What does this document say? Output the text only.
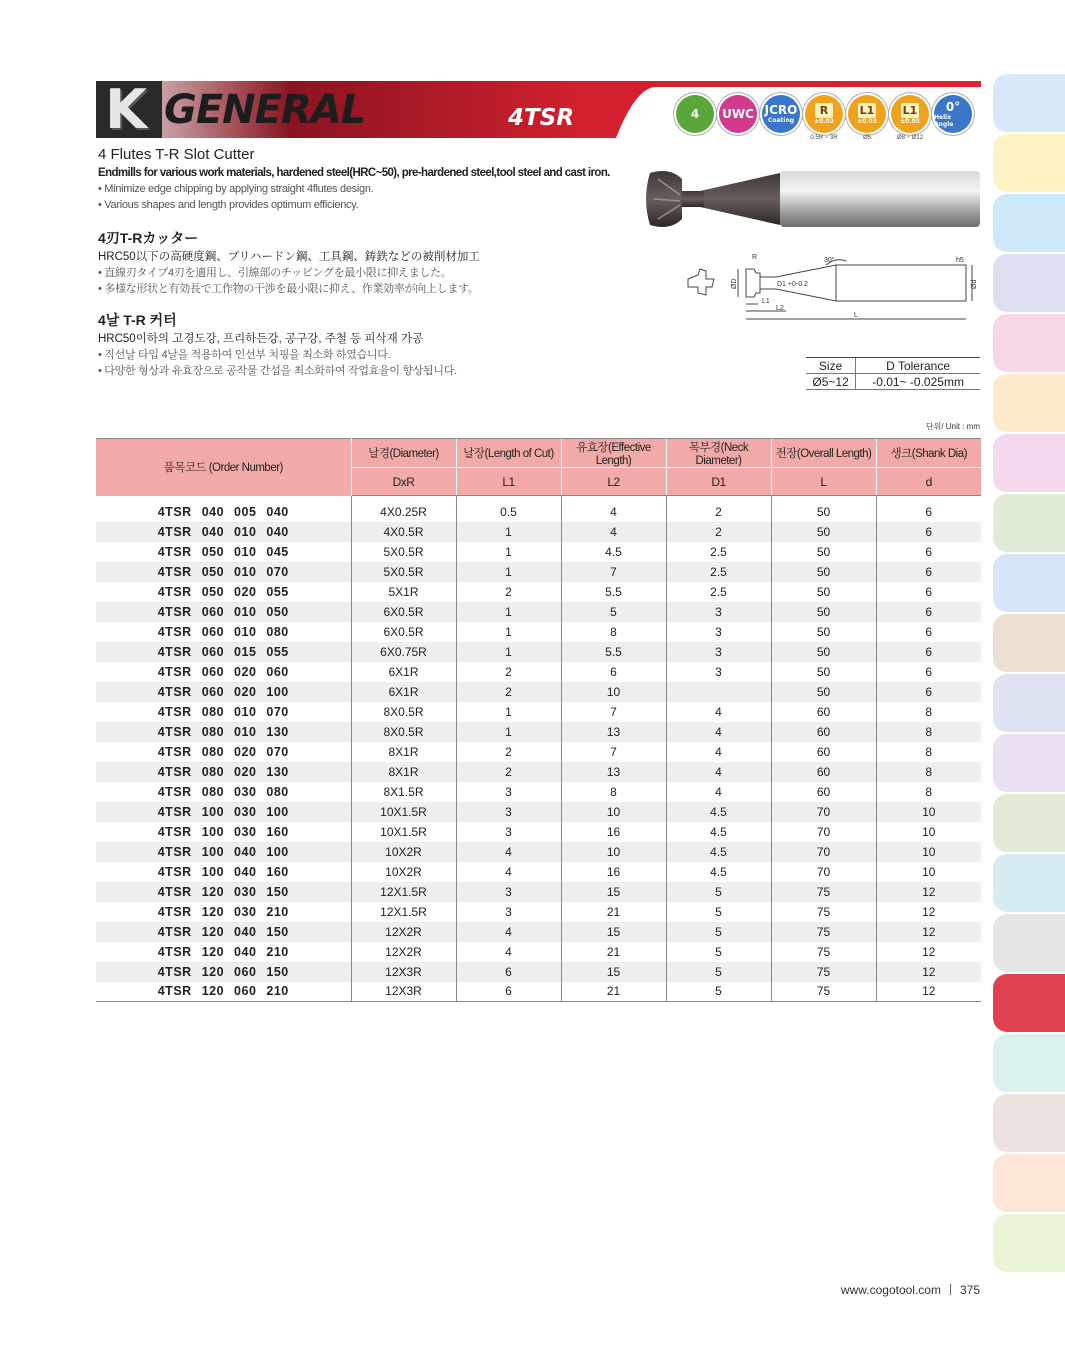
K GENERAL	4TSR	4 UWC JCRO
Coating
R
±0.02
0.5R ~ 3R
L1
±0.03
Ø5
L1
±0.05
Ø8 ~ Ø12
0°
Helix Angle
4 Flutes T-R Slot Cutter
Endmills for various work materials, hardened steel(HRC~50), pre-hardened steel,tool steel and cast iron.
• Minimize edge chipping by applying straight 4flutes design.
• Various shapes and length provides optimum efficiency.
4刃T-Rカッター
HRC50以下の高硬度鋼、プリハードン鋼、工具鋼、鋳鉄などの被削材加工
• 直線刃タイプ4刃を適用し、引線部のチッピングを最小限に抑えました。
• 多様な形状と有効長で工作物の干渉を最小限に抑え、作業効率が向上します。
4날 T-R 커터
HRC50이하의 고경도강, 프리하든강, 공구강, 주철 등 피삭재 가공
• 직선날 타입 4날을 적용하여 인선부 치핑을 최소화 하였습니다.
• 다양한 형상과 유효장으로 공작물 간섭을 최소화하여 작업효율이 향상됩니다.
R	30°	h5
ØD	D1 +0-0.2	Ød
L1
L2
L
Size	D Tolerance
Ø5~12	-0.01~ -0.025mm
단위/ Unit : mm
품목코드 (Order Number)	날경(Diameter)	날장(Length of Cut)	유효장(Effective Length)	목부경(Neck Diameter)	전장(Overall Length)	생크(Shank Dia)
	DxR	L1	L2	D1	L	d
4TSR 040 005 040	4X0.25R	0.5	4	2	50	6
4TSR 040 010 040	4X0.5R	1	4	2	50	6
4TSR 050 010 045	5X0.5R	1	4.5	2.5	50	6
4TSR 050 010 070	5X0.5R	1	7	2.5	50	6
4TSR 050 020 055	5X1R	2	5.5	2.5	50	6
4TSR 060 010 050	6X0.5R	1	5	3	50	6
4TSR 060 010 080	6X0.5R	1	8	3	50	6
4TSR 060 015 055	6X0.75R	1	5.5	3	50	6
4TSR 060 020 060	6X1R	2	6	3	50	6
4TSR 060 020 100	6X1R	2	10		50	6
4TSR 080 010 070	8X0.5R	1	7	4	60	8
4TSR 080 010 130	8X0.5R	1	13	4	60	8
4TSR 080 020 070	8X1R	2	7	4	60	8
4TSR 080 020 130	8X1R	2	13	4	60	8
4TSR 080 030 080	8X1.5R	3	8	4	60	8
4TSR 100 030 100	10X1.5R	3	10	4.5	70	10
4TSR 100 030 160	10X1.5R	3	16	4.5	70	10
4TSR 100 040 100	10X2R	4	10	4.5	70	10
4TSR 100 040 160	10X2R	4	16	4.5	70	10
4TSR 120 030 150	12X1.5R	3	15	5	75	12
4TSR 120 030 210	12X1.5R	3	21	5	75	12
4TSR 120 040 150	12X2R	4	15	5	75	12
4TSR 120 040 210	12X2R	4	21	5	75	12
4TSR 120 060 150	12X3R	6	15	5	75	12
4TSR 120 060 210	12X3R	6	21	5	75	12
www.cogotool.com 375
